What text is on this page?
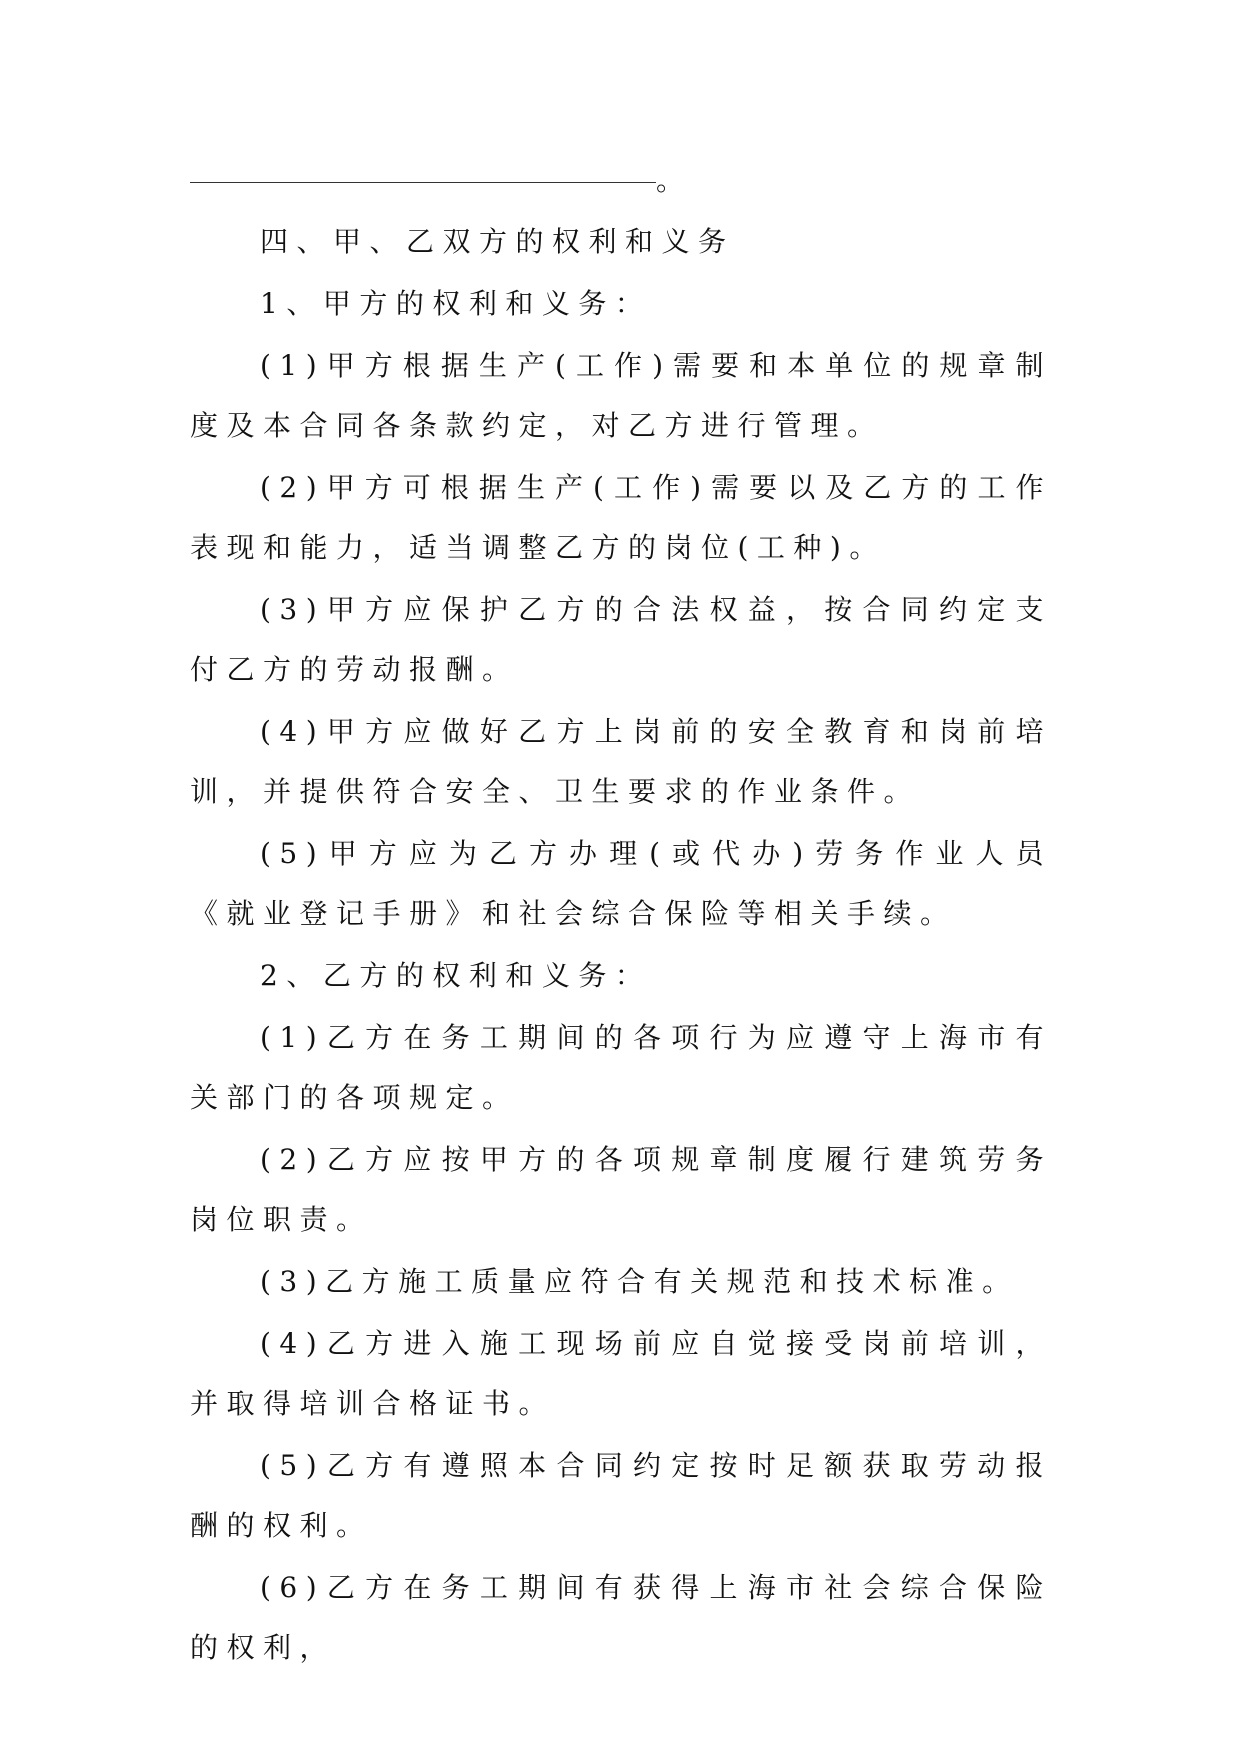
。

四、甲、乙双方的权利和义务

1、甲方的权利和义务：

(1)甲方根据生产(工作)需要和本单位的规章制度及本合同各条款约定，对乙方进行管理。

(2)甲方可根据生产(工作)需要以及乙方的工作表现和能力，适当调整乙方的岗位(工种)。

(3)甲方应保护乙方的合法权益，按合同约定支付乙方的劳动报酬。

(4)甲方应做好乙方上岗前的安全教育和岗前培训，并提供符合安全、卫生要求的作业条件。

(5)甲方应为乙方办理(或代办)劳务作业人员《就业登记手册》和社会综合保险等相关手续。

2、乙方的权利和义务：

(1)乙方在务工期间的各项行为应遵守上海市有关部门的各项规定。

(2)乙方应按甲方的各项规章制度履行建筑劳务岗位职责。

(3)乙方施工质量应符合有关规范和技术标准。

(4)乙方进入施工现场前应自觉接受岗前培训，并取得培训合格证书。

(5)乙方有遵照本合同约定按时足额获取劳动报酬的权利。

(6)乙方在务工期间有获得上海市社会综合保险的权利，
